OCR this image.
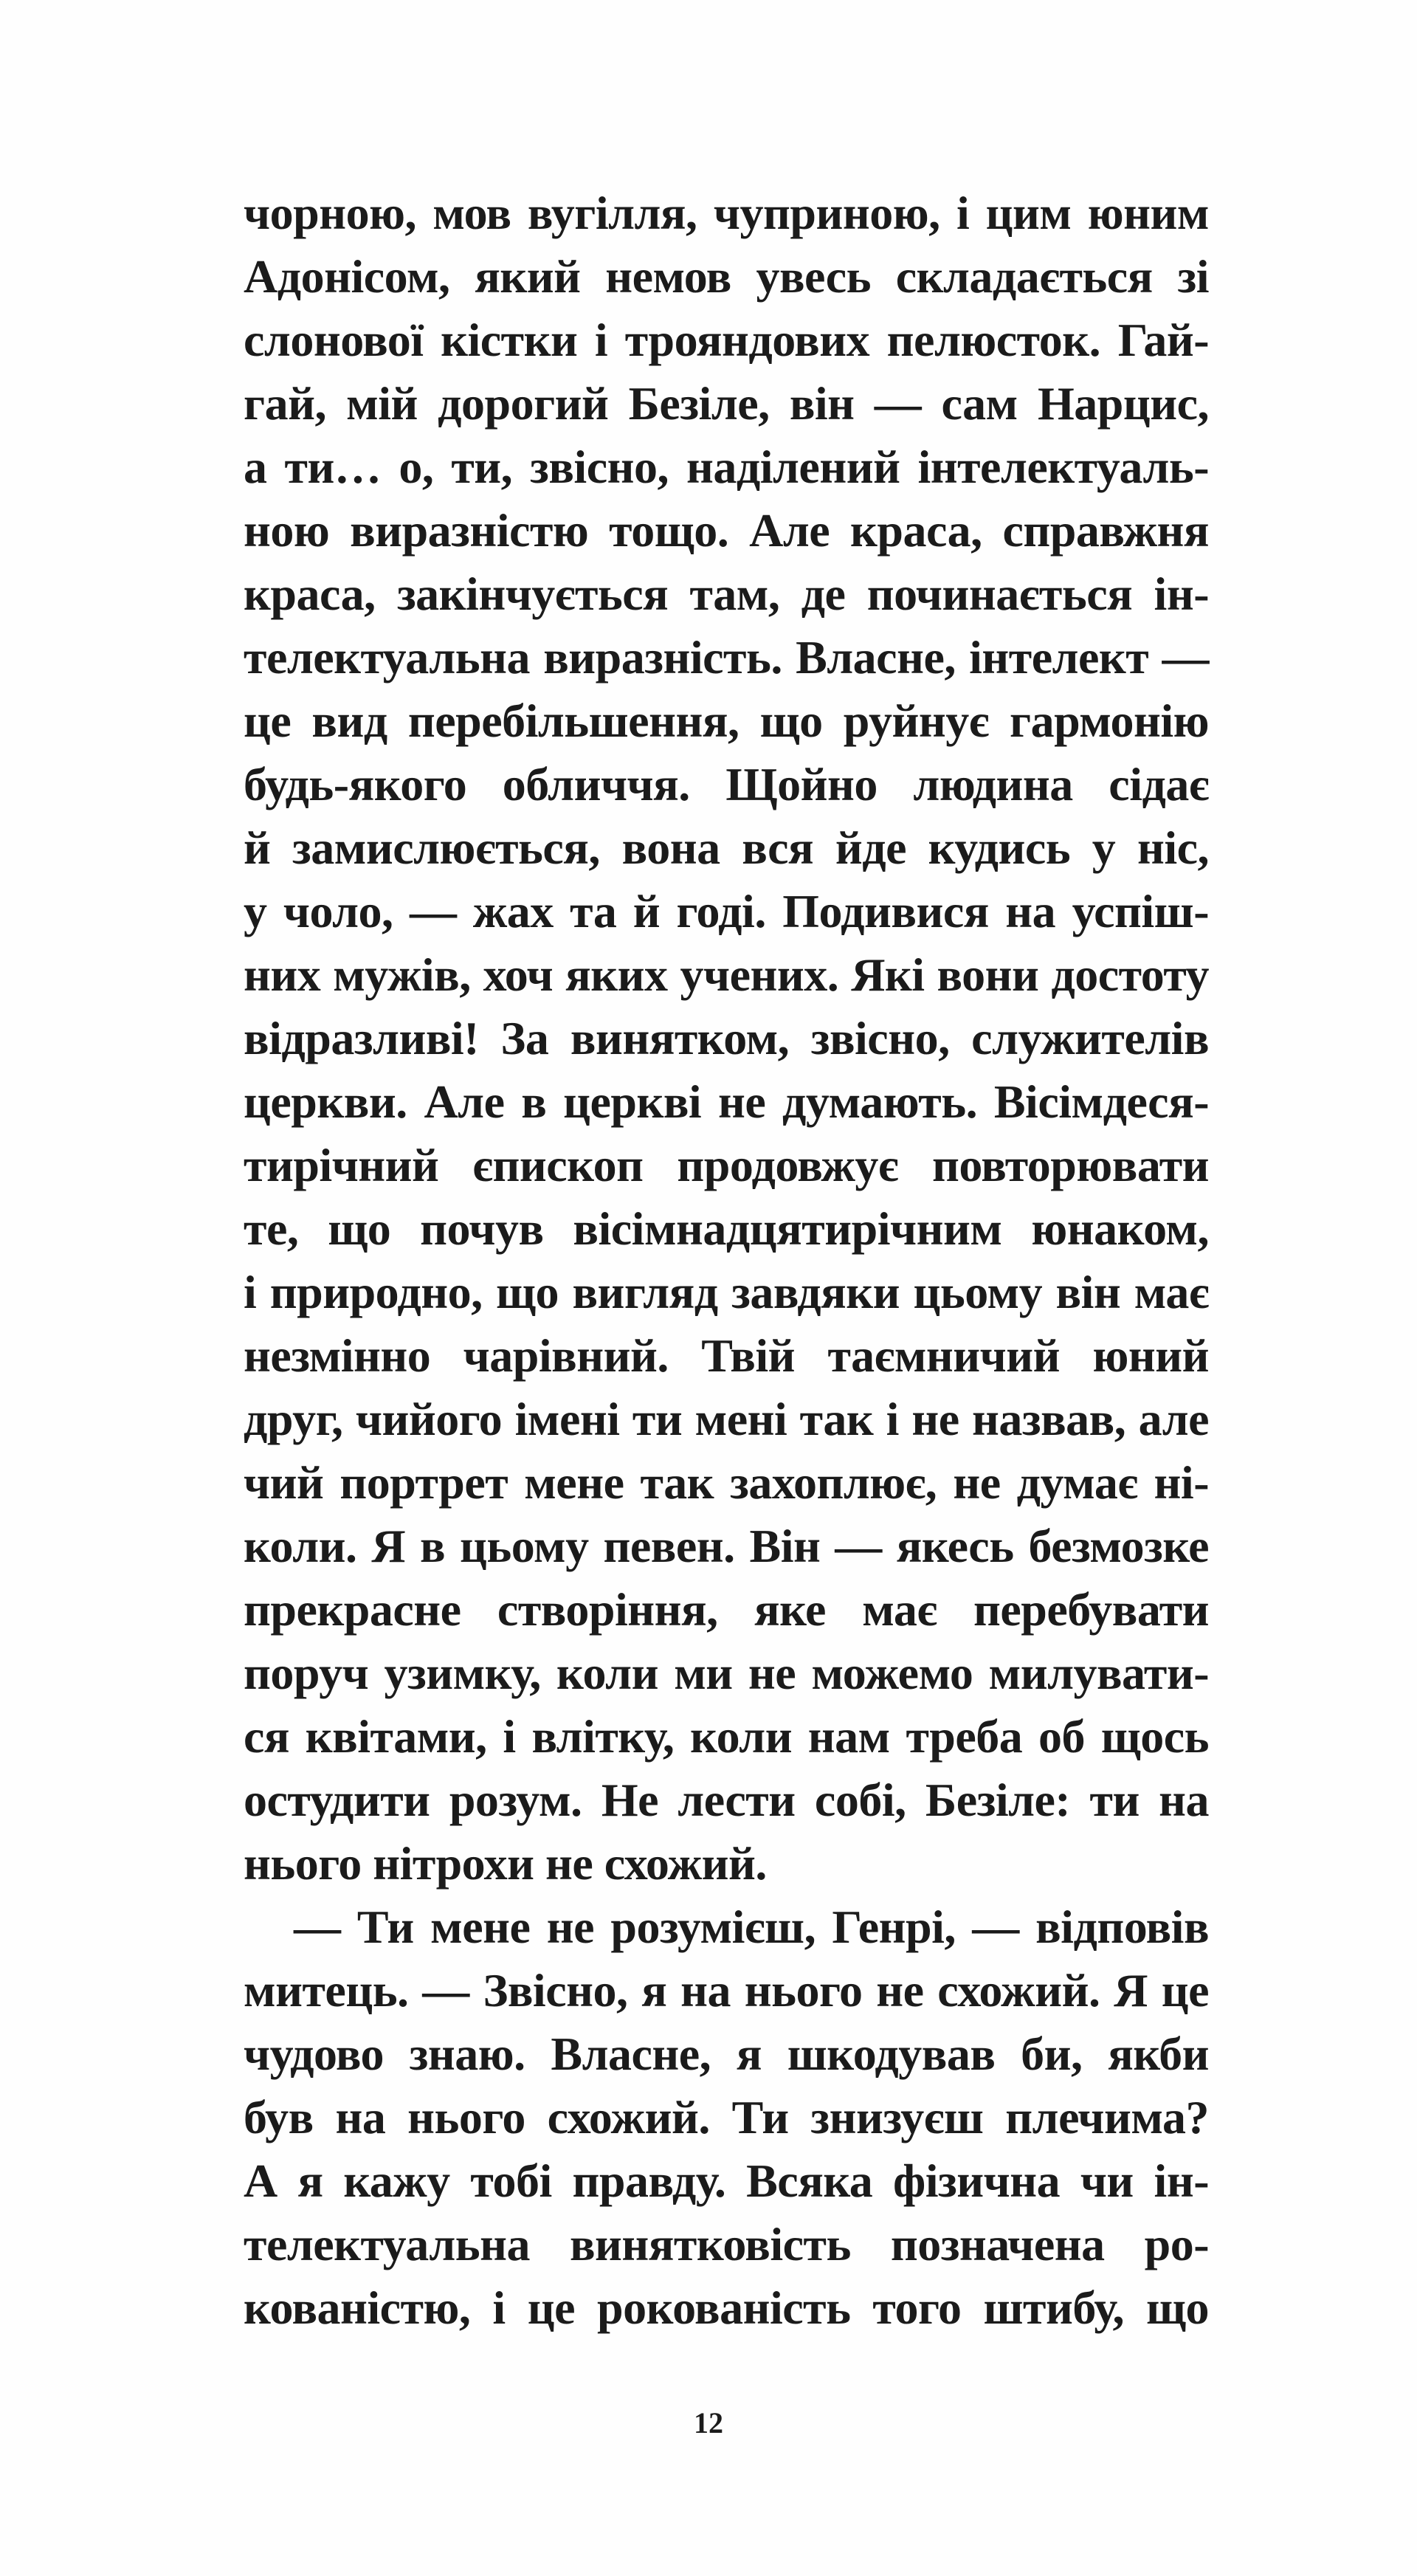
чорною, мов вугілля, чуприною, і цим юним
Адонісом, який немов увесь складається зі
слонової кістки і трояндових пелюсток. Гай-
гай, мій дорогий Безіле, він — сам Нарцис,
а ти… о, ти, звісно, наділений інтелектуаль-
ною виразністю тощо. Але краса, справжня
краса, закінчується там, де починається ін-
телектуальна виразність. Власне, інтелект —
це вид перебільшення, що руйнує гармонію
будь-якого обличчя. Щойно людина сідає
й замислюється, вона вся йде кудись у ніс,
у чоло, — жах та й годі. Подивися на успіш-
них мужів, хоч яких учених. Які вони достоту
відразливі! За винятком, звісно, служителів
церкви. Але в церкві не думають. Вісімдеся-
тирічний єпископ продовжує повторювати
те, що почув вісімнадцятирічним юнаком,
і природно, що вигляд завдяки цьому він має
незмінно чарівний. Твій таємничий юний
друг, чийого імені ти мені так і не назвав, але
чий портрет мене так захоплює, не думає ні-
коли. Я в цьому певен. Він — якесь безмозке
прекрасне створіння, яке має перебувати
поруч узимку, коли ми не можемо милувати-
ся квітами, і влітку, коли нам треба об щось
остудити розум. Не лести собі, Безіле: ти на
нього нітрохи не схожий.
— Ти мене не розумієш, Генрі, — відповів
митець. — Звісно, я на нього не схожий. Я це
чудово знаю. Власне, я шкодував би, якби
був на нього схожий. Ти знизуєш плечима?
А я кажу тобі правду. Всяка фізична чи ін-
телектуальна винятковість позначена ро-
кованістю, і це рокованість того штибу, що
12
